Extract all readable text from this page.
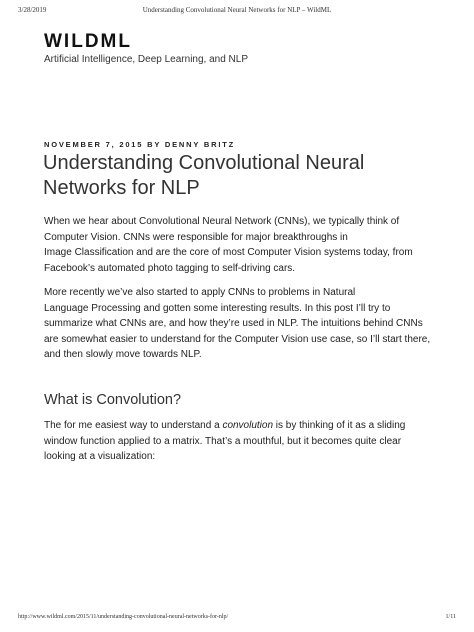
3/28/2019	Understanding Convolutional Neural Networks for NLP – WildML
WILDML
Artificial Intelligence, Deep Learning, and NLP
NOVEMBER 7, 2015 BY DENNY BRITZ
Understanding Convolutional Neural Networks for NLP

When we hear about Convolutional Neural Network (CNNs), we typically think of
Computer Vision. CNNs were responsible for major breakthroughs in
Image Classification and are the core of most Computer Vision systems today, from
Facebook’s automated photo tagging to self-driving cars.

More recently we’ve also started to apply CNNs to problems in Natural
Language Processing and gotten some interesting results. In this post I’ll try to
summarize what CNNs are, and how they’re used in NLP. The intuitions behind CNNs
are somewhat easier to understand for the Computer Vision use case, so I’ll start there,
and then slowly move towards NLP.

What is Convolution?

The for me easiest way to understand a convolution is by thinking of it as a sliding
window function applied to a matrix. That’s a mouthful, but it becomes quite clear
looking at a visualization:

http://www.wildml.com/2015/11/understanding-convolutional-neural-networks-for-nlp/	1/11
